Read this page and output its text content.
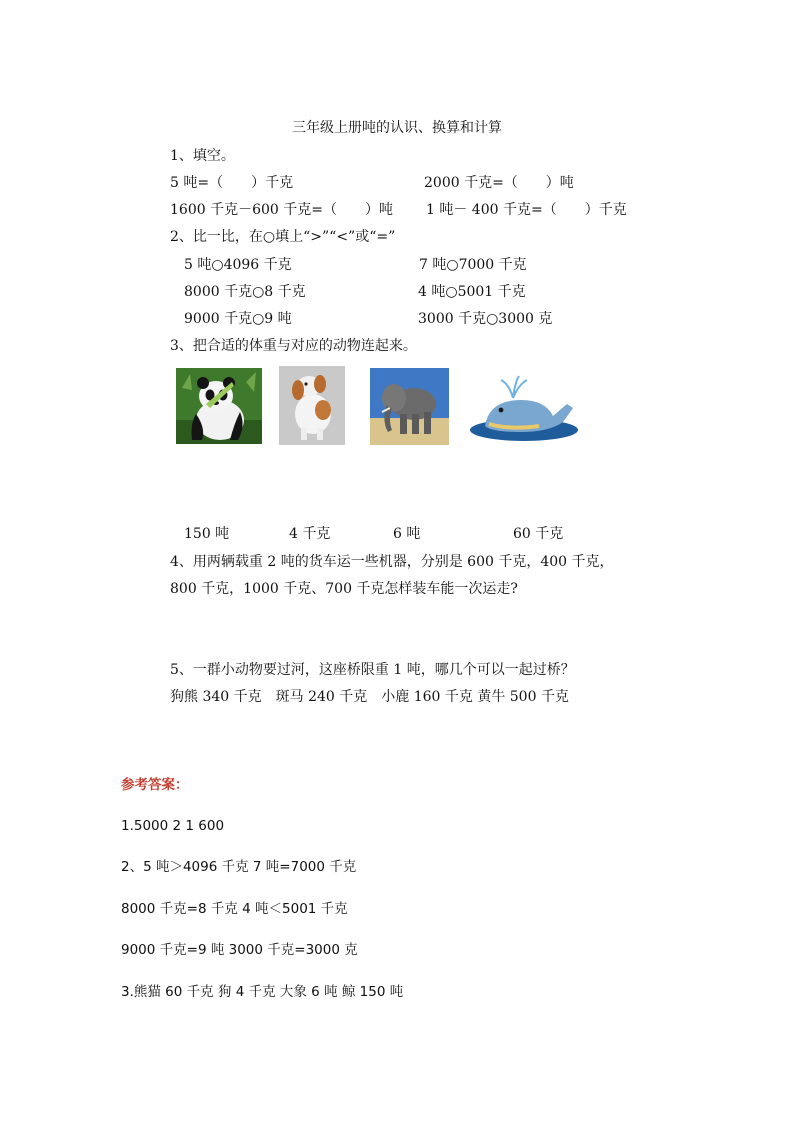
三年级上册吨的认识、换算和计算
1、填空。
5 吨=（　　）千克	2000 千克=（　　）吨
1600 千克－600 千克=（　　）吨 1 吨－ 400 千克=（　　）千克
2、比一比，在○填上“>”“<”或“=”
5 吨○4096 千克	7 吨○7000 千克
8000 千克○8 千克	4 吨○5001 千克
9000 千克○9 吨	3000 千克○3000 克
3、把合适的体重与对应的动物连起来。
150 吨	4 千克	6 吨	60 千克
4、用两辆载重 2 吨的货车运一些机器，分别是 600 千克，400 千克，
800 千克，1000 千克、700 千克怎样装车能一次运走?
5、一群小动物要过河，这座桥限重 1 吨，哪几个可以一起过桥？
狗熊 340 千克　斑马 240 千克　小鹿 160 千克 黄牛 500 千克
参考答案：
1.5000 2 1 600
2、5 吨＞4096 千克 7 吨=7000 千克
8000 千克=8 千克 4 吨＜5001 千克
9000 千克=9 吨 3000 千克=3000 克
3.熊猫 60 千克 狗 4 千克 大象 6 吨 鲸 150 吨
